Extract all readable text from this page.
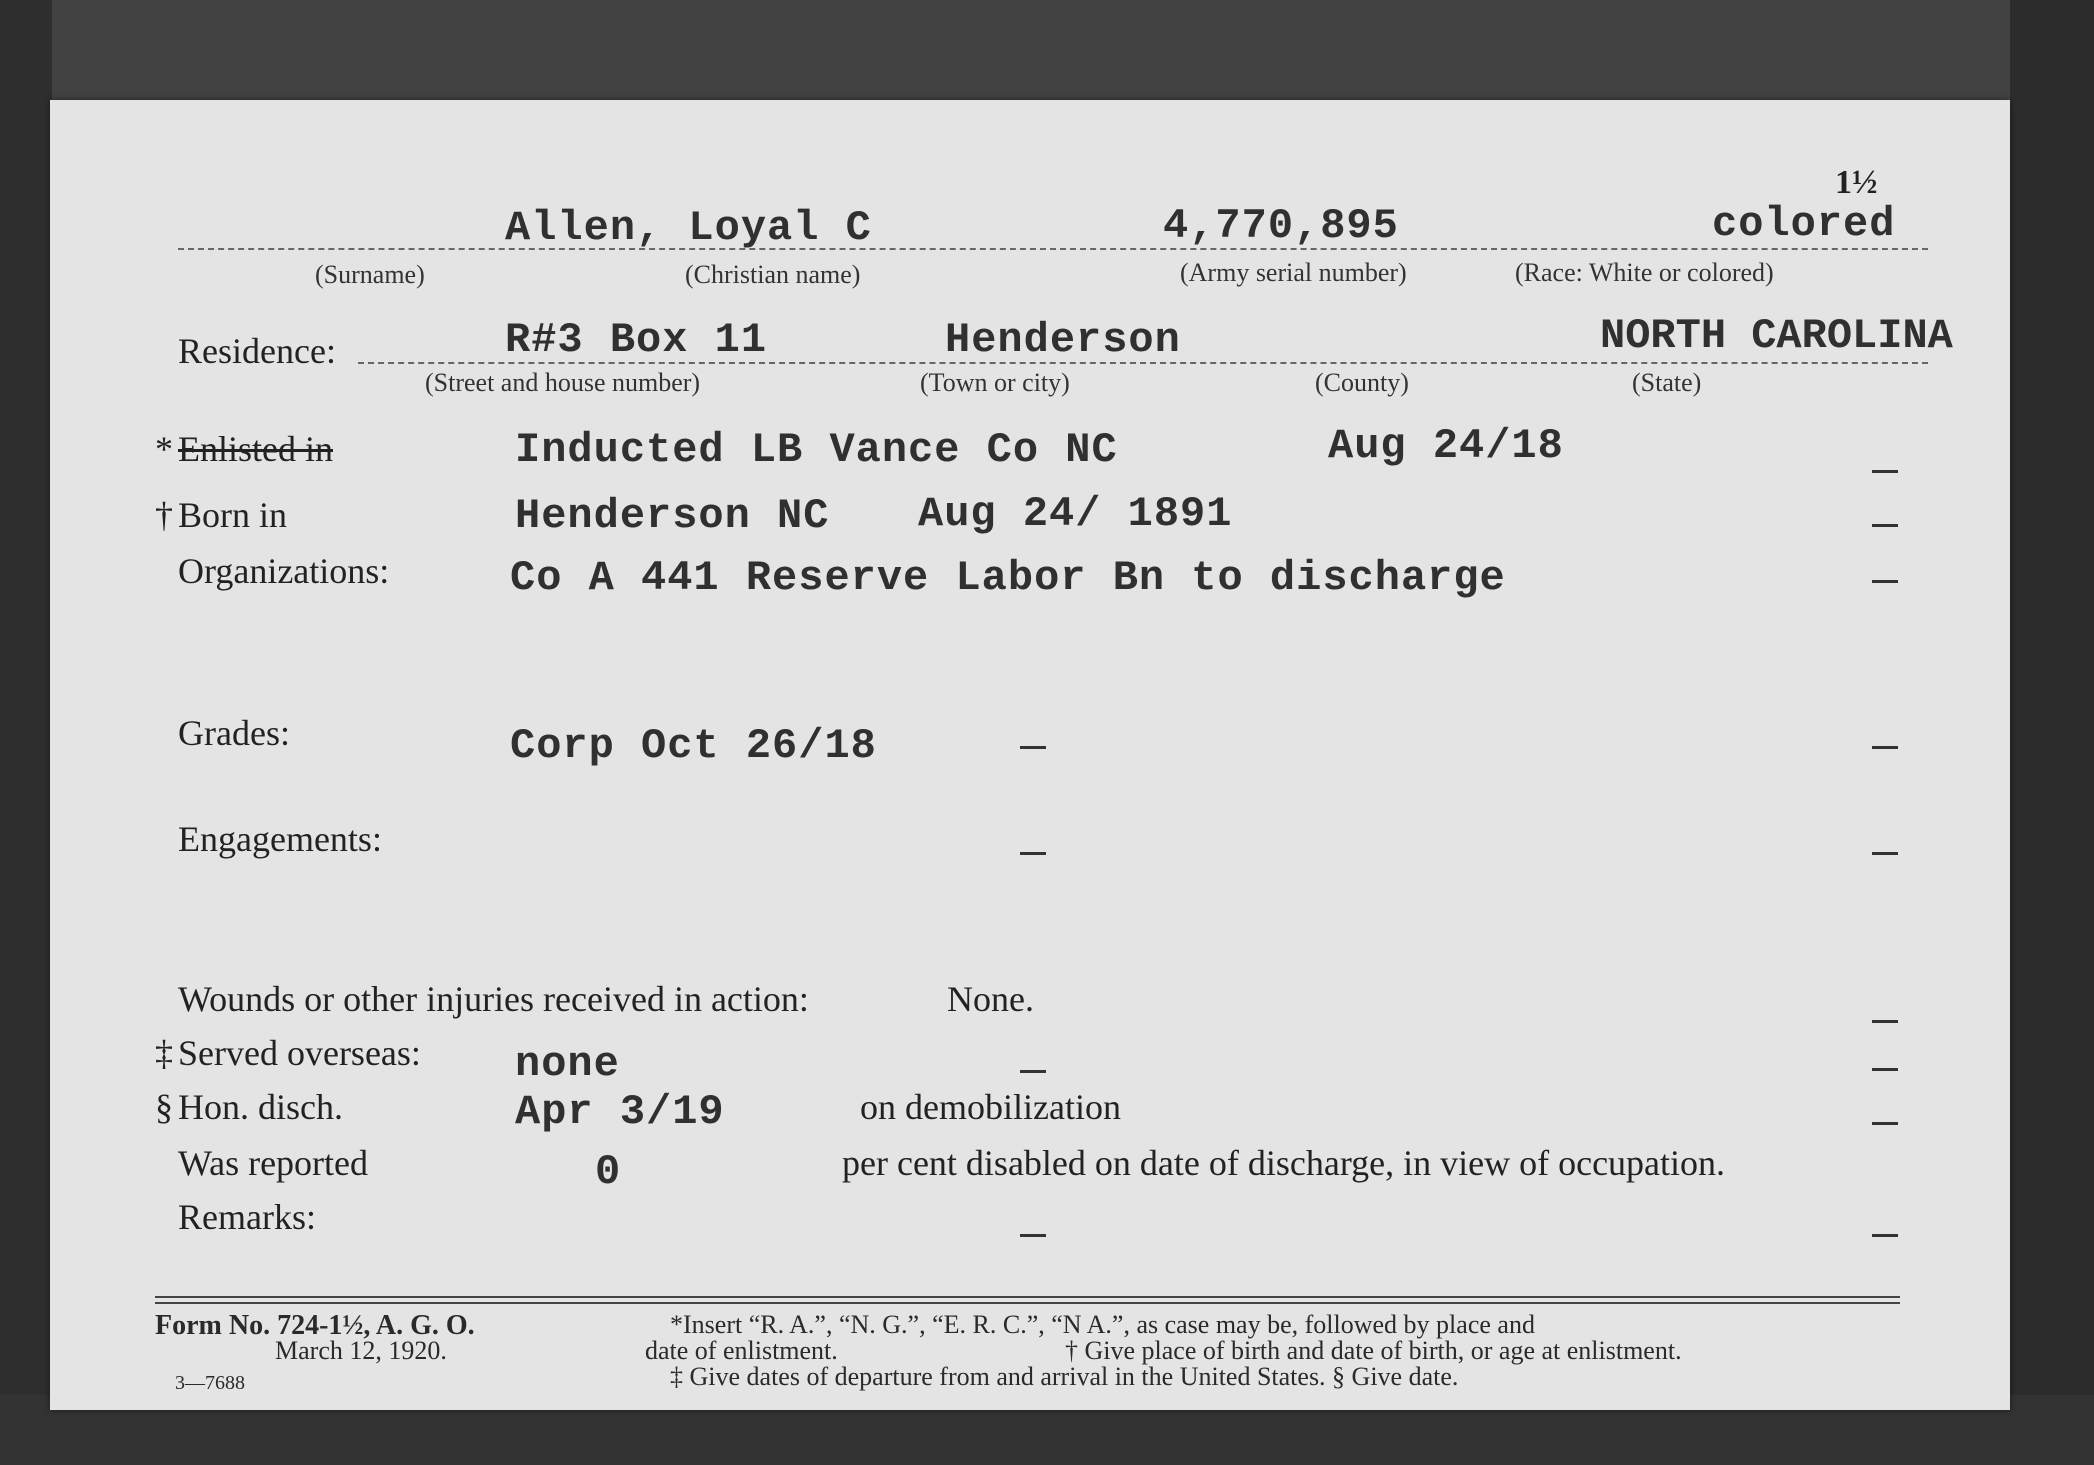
1½
Allen, Loyal C	4,770,895	colored
(Surname)	(Christian name)	(Army serial number)	(Race: White or colored)
Residence:	R#3 Box 11	Henderson	NORTH CAROLINA
(Street and house number)	(Town or city)	(County)	(State)
* Enlisted in	Inducted LB Vance Co NC	Aug 24/18
† Born in	Henderson NC Aug 24/ 1891
Organizations:	Co A 441 Reserve Labor Bn to discharge
Grades:	Corp Oct 26/18
Engagements:
Wounds or other injuries received in action:	None.
‡ Served overseas: none
§ Hon. disch.	Apr 3/19	on demobilization
Was reported	0	per cent disabled on date of discharge, in view of occupation.
Remarks:
Form No. 724-1½, A. G. O.
March 12, 1920.
3—7688
*Insert “R. A.”, “N. G.”, “E. R. C.”, “N A.”, as case may be, followed by place and
date of enlistment.	† Give place of birth and date of birth, or age at enlistment.
‡ Give dates of departure from and arrival in the United States. § Give date.
